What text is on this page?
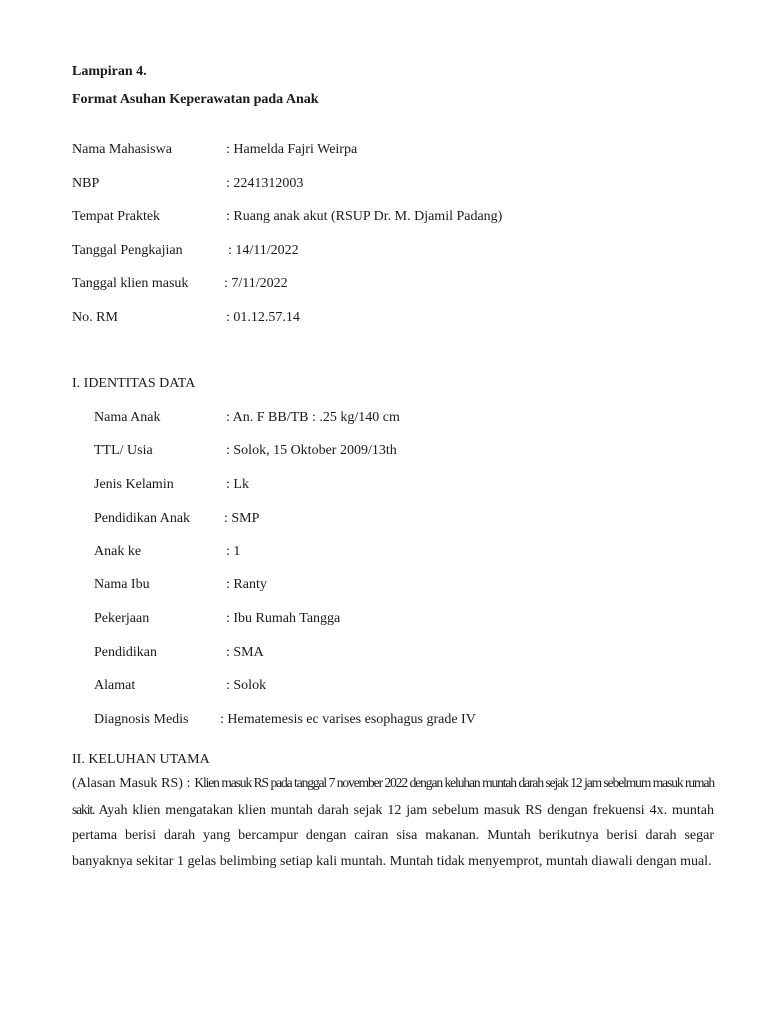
Lampiran 4.
Format Asuhan Keperawatan pada Anak
Nama Mahasiswa	: Hamelda Fajri Weirpa
NBP	: 2241312003
Tempat Praktek	: Ruang anak akut (RSUP Dr. M. Djamil Padang)
Tanggal Pengkajian	: 14/11/2022
Tanggal klien masuk	: 7/11/2022
No. RM	: 01.12.57.14
I. IDENTITAS DATA
Nama Anak	: An. F BB/TB : .25 kg/140 cm
TTL/ Usia	: Solok, 15 Oktober 2009/13th
Jenis Kelamin	: Lk
Pendidikan Anak : SMP
Anak ke	: 1
Nama Ibu	: Ranty
Pekerjaan	: Ibu Rumah Tangga
Pendidikan	: SMA
Alamat	: Solok
Diagnosis Medis : Hematemesis ec varises esophagus grade IV
II. KELUHAN UTAMA
(Alasan Masuk RS) : Klien masuk RS pada tanggal 7 november 2022 dengan keluhan muntah darah sejak 12 jam sebelmum masuk rumah sakit. Ayah klien mengatakan klien muntah darah sejak 12 jam sebelum masuk RS dengan frekuensi 4x. muntah pertama berisi darah yang bercampur dengan cairan sisa makanan. Muntah berikutnya berisi darah segar banyaknya sekitar 1 gelas belimbing setiap kali muntah. Muntah tidak menyemprot, muntah diawali dengan mual.
